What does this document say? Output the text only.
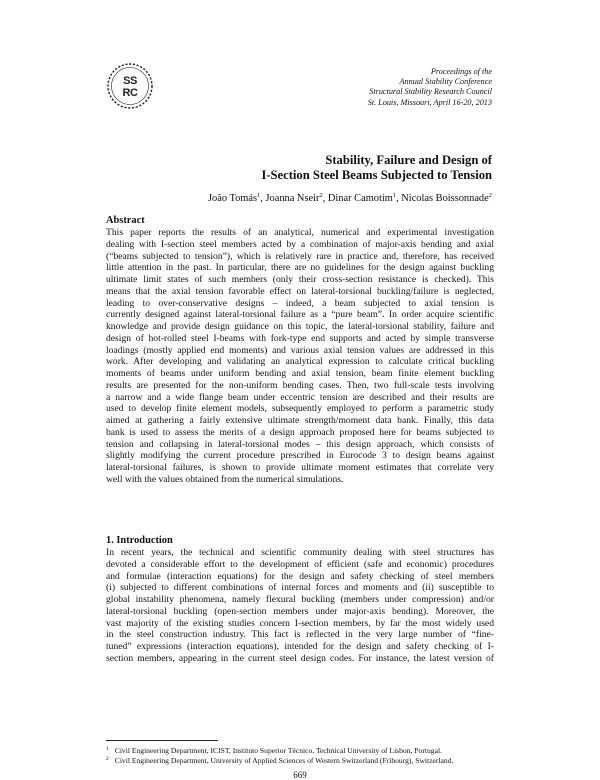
SS
RC
Proceedings of the
Annual Stability Conference
Structural Stability Research Council
St. Louis, Missouri, April 16-20, 2013
Stability, Failure and Design of
I-Section Steel Beams Subjected to Tension
João Tomás$^1$, Joanna Nseir$^2$, Dinar Camotim$^1$, Nicolas Boissonnade$^2$
Abstract
This paper reports the results of an analytical, numerical and experimental investigation
dealing with I-section steel members acted by a combination of major-axis bending and axial
(“beams subjected to tension”), which is relatively rare in practice and, therefore, has received
little attention in the past. In particular, there are no guidelines for the design against buckling
ultimate limit states of such members (only their cross-section resistance is checked). This
means that the axial tension favorable effect on lateral-torsional buckling/failure is neglected,
leading to over-conservative designs – indeed, a beam subjected to axial tension is
currently designed against lateral-torsional failure as a “pure beam”. In order acquire scientific
knowledge and provide design guidance on this topic, the lateral-torsional stability, failure and
design of hot-rolled steel I-beams with fork-type end supports and acted by simple transverse
loadings (mostly applied end moments) and various axial tension values are addressed in this
work. After developing and validating an analytical expression to calculate critical buckling
moments of beams under uniform bending and axial tension, beam finite element buckling
results are presented for the non-uniform bending cases. Then, two full-scale tests involving
a narrow and a wide flange beam under eccentric tension are described and their results are
used to develop finite element models, subsequently employed to perform a parametric study
aimed at gathering a fairly extensive ultimate strength/moment data bank. Finally, this data
bank is used to assess the merits of a design approach proposed here for beams subjected to
tension and collapsing in lateral-torsional modes – this design approach, which consists of
slightly modifying the current procedure prescribed in Eurocode 3 to design beams against
lateral-torsional failures, is shown to provide ultimate moment estimates that correlate very
well with the values obtained from the numerical simulations.
1. Introduction
In recent years, the technical and scientific community dealing with steel structures has
devoted a considerable effort to the development of efficient (safe and economic) procedures
and formulae (interaction equations) for the design and safety checking of steel members
(i) subjected to different combinations of internal forces and moments and (ii) susceptible to
global instability phenomena, namely flexural buckling (members under compression) and/or
lateral-torsional buckling (open-section members under major-axis bending). Moreover, the
vast majority of the existing studies concern I-section members, by far the most widely used
in the steel construction industry. This fact is reflected in the very large number of “fine-
tuned” expressions (interaction equations), intended for the design and safety checking of I-
section members, appearing in the current steel design codes. For instance, the latest version of
$^1$ Civil Engineering Department, ICIST, Instituto Superior Técnico, Technical University of Lisbon, Portugal.
$^2$ Civil Engineering Department, University of Applied Sciences of Western Switzerland (Fribourg), Switzerland.
669
